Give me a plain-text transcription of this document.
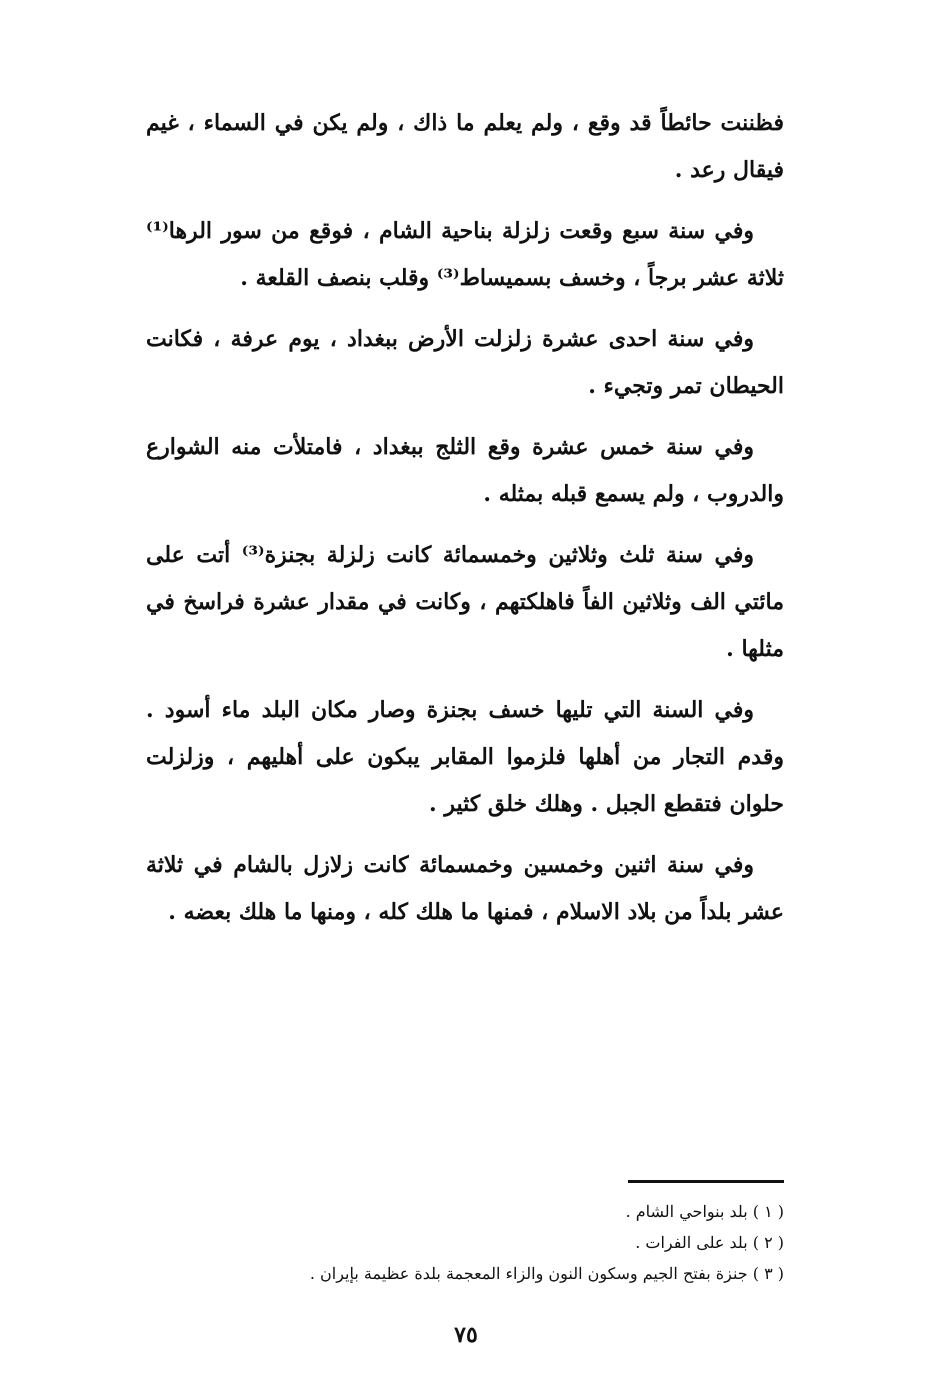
فظننت حائطاً قد وقع ، ولم يعلم ما ذاك ، ولم يكن في السماء ، غيم فيقال رعد .

وفي سنة سبع وقعت زلزلة بناحية الشام ، فوقع من سور الرها⁽¹⁾ ثلاثة عشر برجاً ، وخسف بسميساط⁽³⁾ وقلب بنصف القلعة .

وفي سنة احدى عشرة زلزلت الأرض ببغداد ، يوم عرفة ، فكانت الحيطان تمر وتجيء .

وفي سنة خمس عشرة وقع الثلج ببغداد ، فامتلأت منه الشوارع والدروب ، ولم يسمع قبله بمثله .

وفي سنة ثلث وثلاثين وخمسمائة كانت زلزلة بجنزة⁽³⁾ أتت على مائتي الف وثلاثين الفاً فاهلكتهم ، وكانت في مقدار عشرة فراسخ في مثلها .

وفي السنة التي تليها خسف بجنزة وصار مكان البلد ماء أسود . وقدم التجار من أهلها فلزموا المقابر يبكون على أهليهم ، وزلزلت حلوان فتقطع الجبل . وهلك خلق كثير .

وفي سنة اثنين وخمسين وخمسمائة كانت زلازل بالشام في ثلاثة عشر بلداً من بلاد الاسلام ، فمنها ما هلك كله ، ومنها ما هلك بعضه .

( ١ ) بلد بنواحي الشام .

( ٢ ) بلد على الفرات .

( ٣ ) جنزة بفتح الجيم وسكون النون والزاء المعجمة بلدة عظيمة بإيران .

٧٥
